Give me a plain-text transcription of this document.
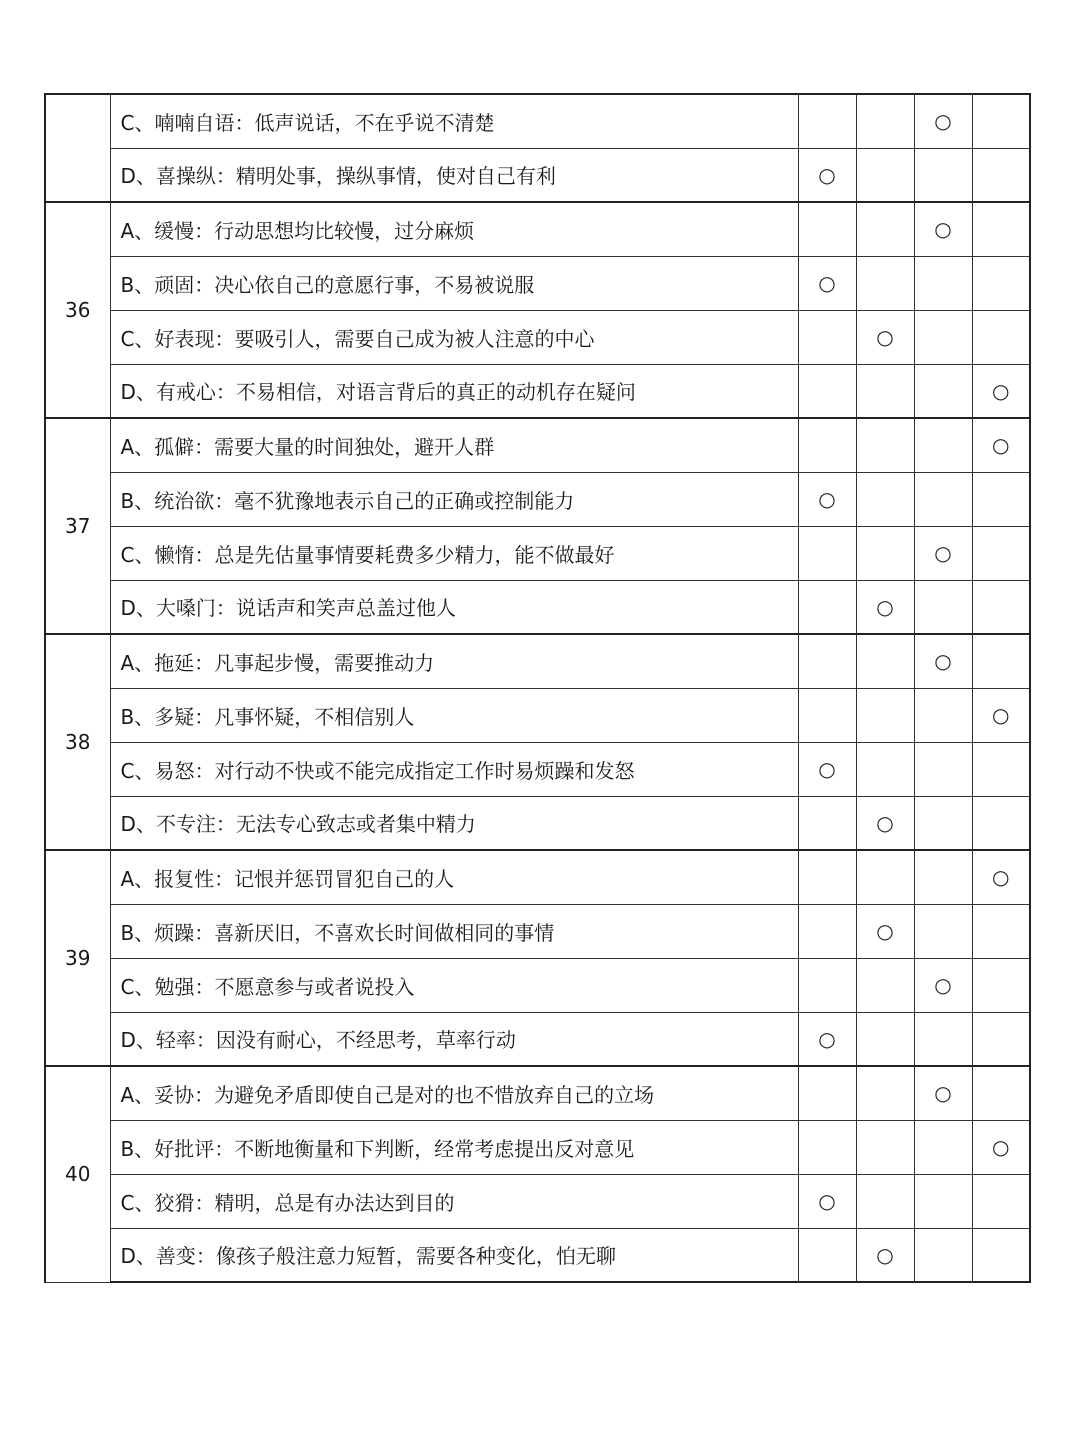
	C、喃喃自语：低声说话，不在乎说不清楚			○	
	D、喜操纵：精明处事，操纵事情，使对自己有利	○			
36	A、缓慢：行动思想均比较慢，过分麻烦			○	
	B、顽固：决心依自己的意愿行事，不易被说服	○			
	C、好表现：要吸引人，需要自己成为被人注意的中心		○		
	D、有戒心：不易相信，对语言背后的真正的动机存在疑问				○
37	A、孤僻：需要大量的时间独处，避开人群				○
	B、统治欲：毫不犹豫地表示自己的正确或控制能力	○			
	C、懒惰：总是先估量事情要耗费多少精力，能不做最好			○	
	D、大嗓门：说话声和笑声总盖过他人		○		
38	A、拖延：凡事起步慢，需要推动力			○	
	B、多疑：凡事怀疑，不相信别人				○
	C、易怒：对行动不快或不能完成指定工作时易烦躁和发怒	○			
	D、不专注：无法专心致志或者集中精力		○		
39	A、报复性：记恨并惩罚冒犯自己的人				○
	B、烦躁：喜新厌旧，不喜欢长时间做相同的事情		○		
	C、勉强：不愿意参与或者说投入			○	
	D、轻率：因没有耐心，不经思考，草率行动	○			
40	A、妥协：为避免矛盾即使自己是对的也不惜放弃自己的立场			○	
	B、好批评：不断地衡量和下判断，经常考虑提出反对意见				○
	C、狡猾：精明，总是有办法达到目的	○			
	D、善变：像孩子般注意力短暂，需要各种变化，怕无聊		○		
